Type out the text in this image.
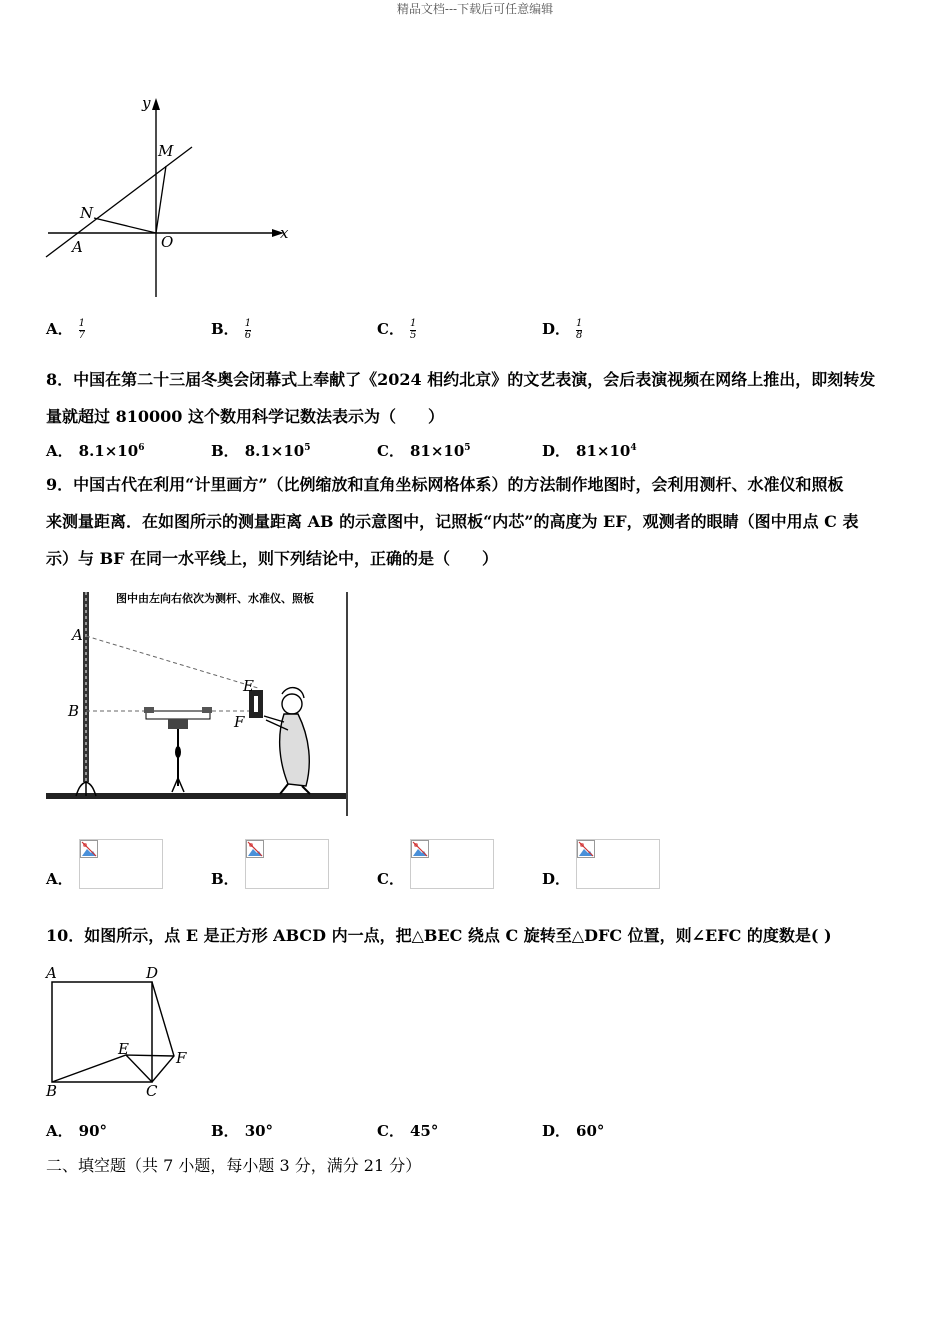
精品文档---下载后可任意编辑
y
x
M
N
A	O
A． $\frac{1}{7}$	B． $\frac{1}{6}$	C． $\frac{1}{5}$	D． $\frac{1}{8}$
8．中国在第二十三届冬奥会闭幕式上奉献了《2024 相约北京》的文艺表演，会后表演视频在网络上推出，即刻转发
量就超过 810000 这个数用科学记数法表示为（　　）
A． $8.1\times 10^6$	B． $8.1\times 10^5$	C． $81\times 10^5$	D． $81\times 10^4$
9．中国古代在利用“计里画方”（比例缩放和直角坐标网格体系）的方法制作地图时，会利用测杆、水准仪和照板
来测量距离．在如图所示的测量距离 AB 的示意图中，记照板“内芯”的高度为 EF，观测者的眼睛（图中用点 C 表
示）与 BF 在同一水平线上，则下列结论中，正确的是（　　）
图中由左向右依次为测杆、水准仪、照板
A
B
E
F
A．	B．	C．	D．
10．如图所示，点 E 是正方形 ABCD 内一点，把△BEC 绕点 C 旋转至△DFC 位置，则∠EFC 的度数是( )
A	D
E	F
B	C
A． 90°	B． 30°	C． 45°	D． 60°
二、填空题（共 7 小题，每小题 3 分，满分 21 分）
